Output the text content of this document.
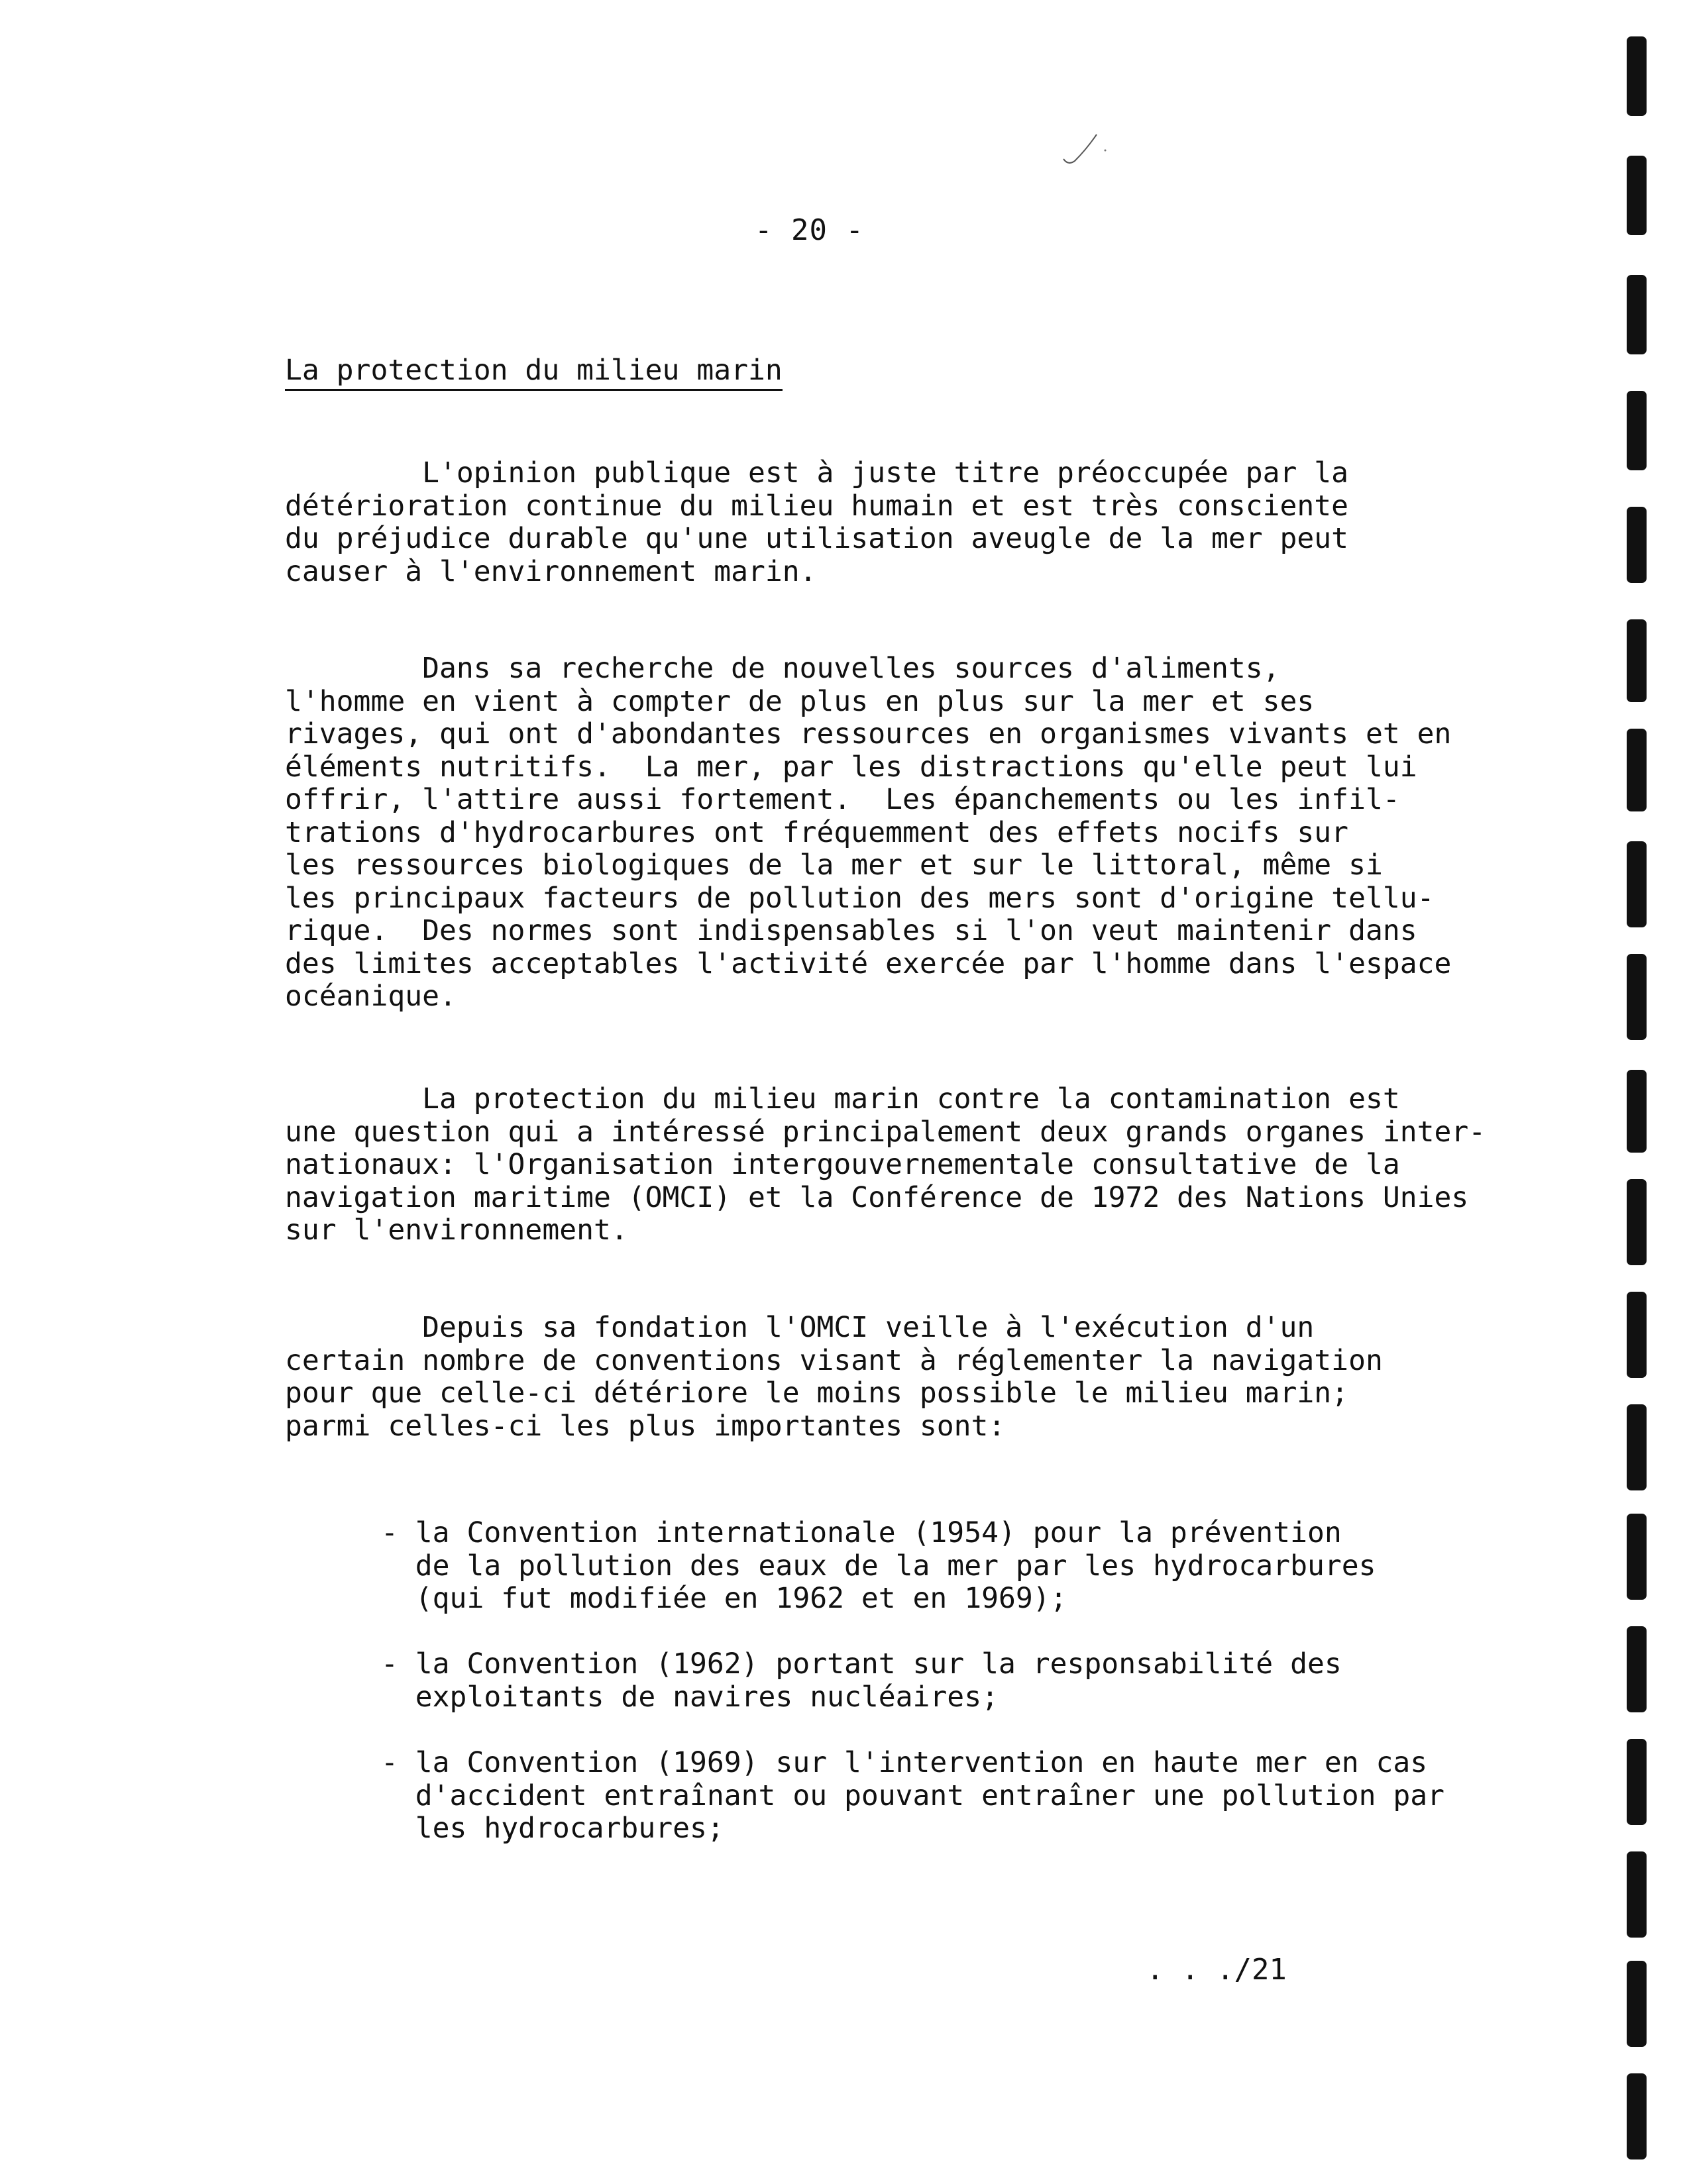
- 20 -
La protection du milieu marin
L'opinion publique est à juste titre préoccupée par la
détérioration continue du milieu humain et est très consciente
du préjudice durable qu'une utilisation aveugle de la mer peut
causer à l'environnement marin.
Dans sa recherche de nouvelles sources d'aliments,
l'homme en vient à compter de plus en plus sur la mer et ses
rivages, qui ont d'abondantes ressources en organismes vivants et en
éléments nutritifs.  La mer, par les distractions qu'elle peut lui
offrir, l'attire aussi fortement.  Les épanchements ou les infil-
trations d'hydrocarbures ont fréquemment des effets nocifs sur
les ressources biologiques de la mer et sur le littoral, même si
les principaux facteurs de pollution des mers sont d'origine tellu-
rique.  Des normes sont indispensables si l'on veut maintenir dans
des limites acceptables l'activité exercée par l'homme dans l'espace
océanique.
La protection du milieu marin contre la contamination est
une question qui a intéressé principalement deux grands organes inter-
nationaux: l'Organisation intergouvernementale consultative de la
navigation maritime (OMCI) et la Conférence de 1972 des Nations Unies
sur l'environnement.
Depuis sa fondation l'OMCI veille à l'exécution d'un
certain nombre de conventions visant à réglementer la navigation
pour que celle-ci détériore le moins possible le milieu marin;
parmi celles-ci les plus importantes sont:
- la Convention internationale (1954) pour la prévention
de la pollution des eaux de la mer par les hydrocarbures
(qui fut modifiée en 1962 et en 1969);
- la Convention (1962) portant sur la responsabilité des
exploitants de navires nucléaires;
- la Convention (1969) sur l'intervention en haute mer en cas
d'accident entraînant ou pouvant entraîner une pollution par
les hydrocarbures;
. . ./21
